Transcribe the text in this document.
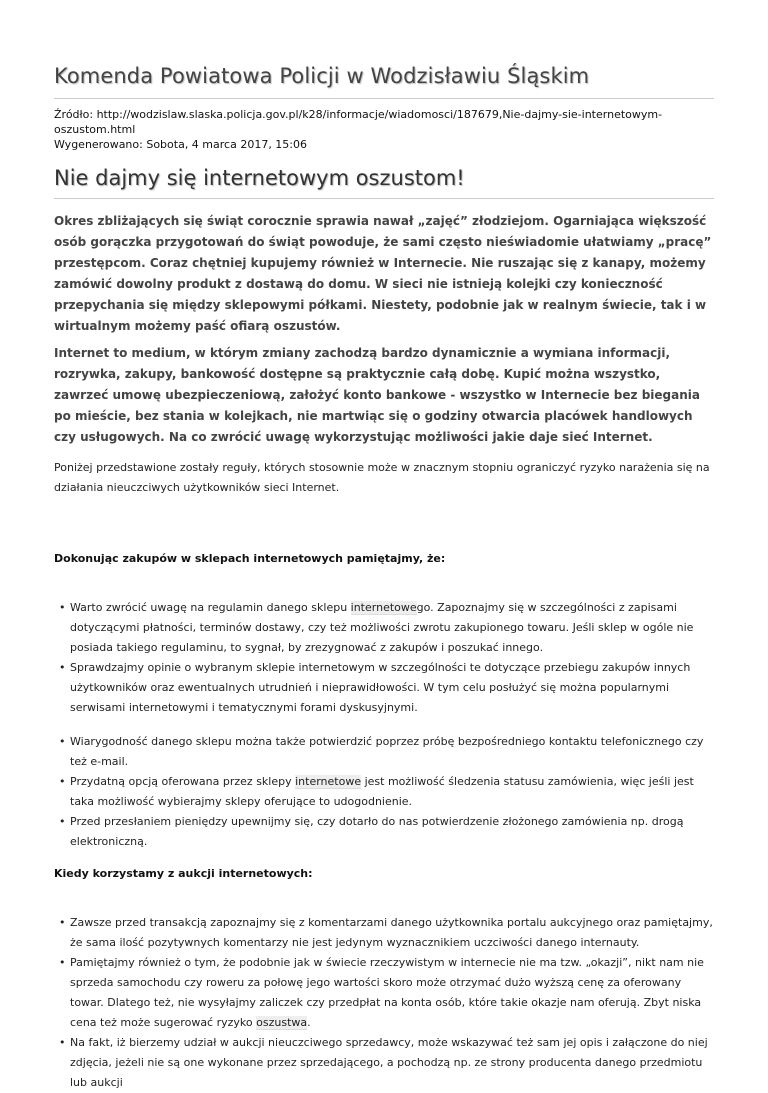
Komenda Powiatowa Policji w Wodzisławiu Śląskim
Źródło: http://wodzislaw.slaska.policja.gov.pl/k28/informacje/wiadomosci/187679,Nie-dajmy-sie-internetowym-oszustom.html
Wygenerowano: Sobota, 4 marca 2017, 15:06
Nie dajmy się internetowym oszustom!

Okres zbliżających się świąt corocznie sprawia nawał „zajęć” złodziejom. Ogarniająca większość osób gorączka przygotowań do świąt powoduje, że sami często nieświadomie ułatwiamy „pracę” przestępcom. Coraz chętniej kupujemy również w Internecie. Nie ruszając się z kanapy, możemy zamówić dowolny produkt z dostawą do domu. W sieci nie istnieją kolejki czy konieczność przepychania się między sklepowymi półkami. Niestety, podobnie jak w realnym świecie, tak i w wirtualnym możemy paść ofiarą oszustów.

Internet to medium, w którym zmiany zachodzą bardzo dynamicznie a wymiana informacji, rozrywka, zakupy, bankowość dostępne są praktycznie całą dobę. Kupić można wszystko, zawrzeć umowę ubezpieczeniową, założyć konto bankowe - wszystko w Internecie bez biegania po mieście, bez stania w kolejkach, nie martwiąc się o godziny otwarcia placówek handlowych czy usługowych. Na co zwrócić uwagę wykorzystując możliwości jakie daje sieć Internet.

Poniżej przedstawione zostały reguły, których stosownie może w znacznym stopniu ograniczyć ryzyko narażenia się na działania nieuczciwych użytkowników sieci Internet.

Dokonując zakupów w sklepach internetowych pamiętajmy, że:
• Warto zwrócić uwagę na regulamin danego sklepu internetowego. Zapoznajmy się w szczególności z zapisami dotyczącymi płatności, terminów dostawy, czy też możliwości zwrotu zakupionego towaru. Jeśli sklep w ogóle nie posiada takiego regulaminu, to sygnał, by zrezygnować z zakupów i poszukać innego.
• Sprawdzajmy opinie o wybranym sklepie internetowym w szczególności te dotyczące przebiegu zakupów innych użytkowników oraz ewentualnych utrudnień i nieprawidłowości. W tym celu posłużyć się można popularnymi serwisami internetowymi i tematycznymi forami dyskusyjnymi.
• Wiarygodność danego sklepu można także potwierdzić poprzez próbę bezpośredniego kontaktu telefonicznego czy też e-mail.
• Przydatną opcją oferowana przez sklepy internetowe jest możliwość śledzenia statusu zamówienia, więc jeśli jest taka możliwość wybierajmy sklepy oferujące to udogodnienie.
• Przed przesłaniem pieniędzy upewnijmy się, czy dotarło do nas potwierdzenie złożonego zamówienia np. drogą elektroniczną.
Kiedy korzystamy z aukcji internetowych:
• Zawsze przed transakcją zapoznajmy się z komentarzami danego użytkownika portalu aukcyjnego oraz pamiętajmy, że sama ilość pozytywnych komentarzy nie jest jedynym wyznacznikiem uczciwości danego internauty.
• Pamiętajmy również o tym, że podobnie jak w świecie rzeczywistym w internecie nie ma tzw. „okazji”, nikt nam nie sprzeda samochodu czy roweru za połowę jego wartości skoro może otrzymać dużo wyższą cenę za oferowany towar. Dlatego też, nie wysyłajmy zaliczek czy przedpłat na konta osób, które takie okazje nam oferują. Zbyt niska cena też może sugerować ryzyko oszustwa.
• Na fakt, iż bierzemy udział w aukcji nieuczciwego sprzedawcy, może wskazywać też sam jej opis i załączone do niej zdjęcia, jeżeli nie są one wykonane przez sprzedającego, a pochodzą np. ze strony producenta danego przedmiotu lub aukcji
